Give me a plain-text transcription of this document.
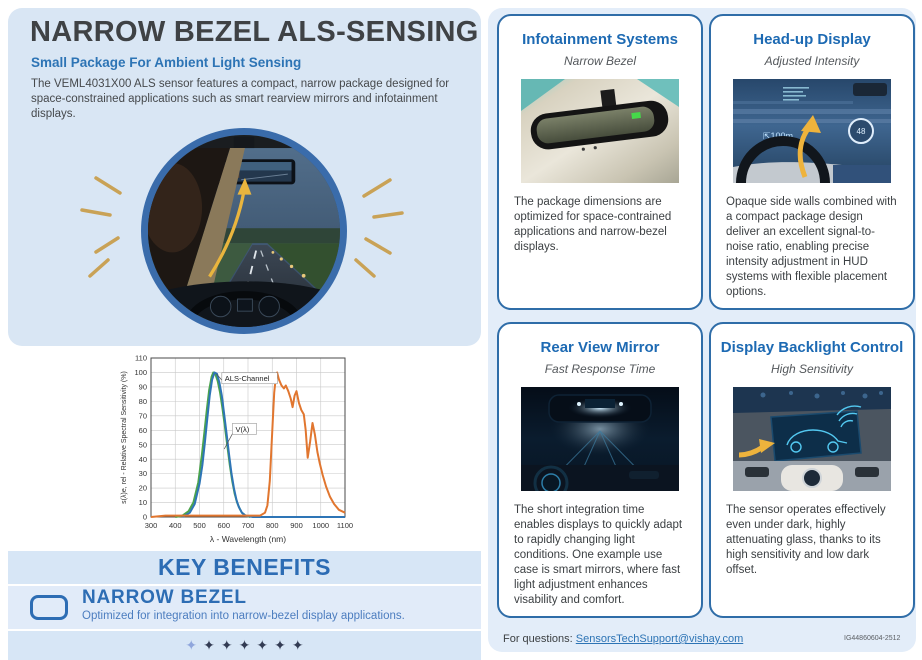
NARROW BEZEL ALS-SENSING
Small Package For Ambient Light Sensing
The VEML4031X00 ALS sensor features a compact, narrow package designed for space-constrained applications such as smart rearview mirrors and infotainment displays.
300 400 500 600 700 800 900 1000 1100
0
10
20
30
40
50
60
70
80
90
100
110
λ - Wavelength (nm)
s(λ)e, rel - Relative Spectral Sensitivity (%)	ALS-Channel
V(λ)
KEY BENEFITS
NARROW BEZEL
Optimized for integration into narrow-bezel display applications.
✦ ✦ ✦ ✦ ✦ ✦ ✦
Infotainment Systems
Narrow Bezel
The package dimensions are optimized for space-contrained applications and narrow-bezel displays.
Head-up Display
Adjusted Intensity
⇱100m	48
Opaque side walls combined with a compact package design deliver an excellent signal-to-noise ratio, enabling precise intensity adjustment in HUD systems with flexible placement options.
Rear View Mirror
Fast Response Time
The short integration time enables displays to quickly adapt to rapidly changing light conditions. One example use case is smart mirrors, where fast light adjustment enhances visability and comfort.
Display Backlight Control
High Sensitivity
The sensor operates effectively even under dark, highly attenuating glass, thanks to its high sensitivity and low dark offset.
For questions: SensorsTechSupport@vishay.com	IG44860604-2512
